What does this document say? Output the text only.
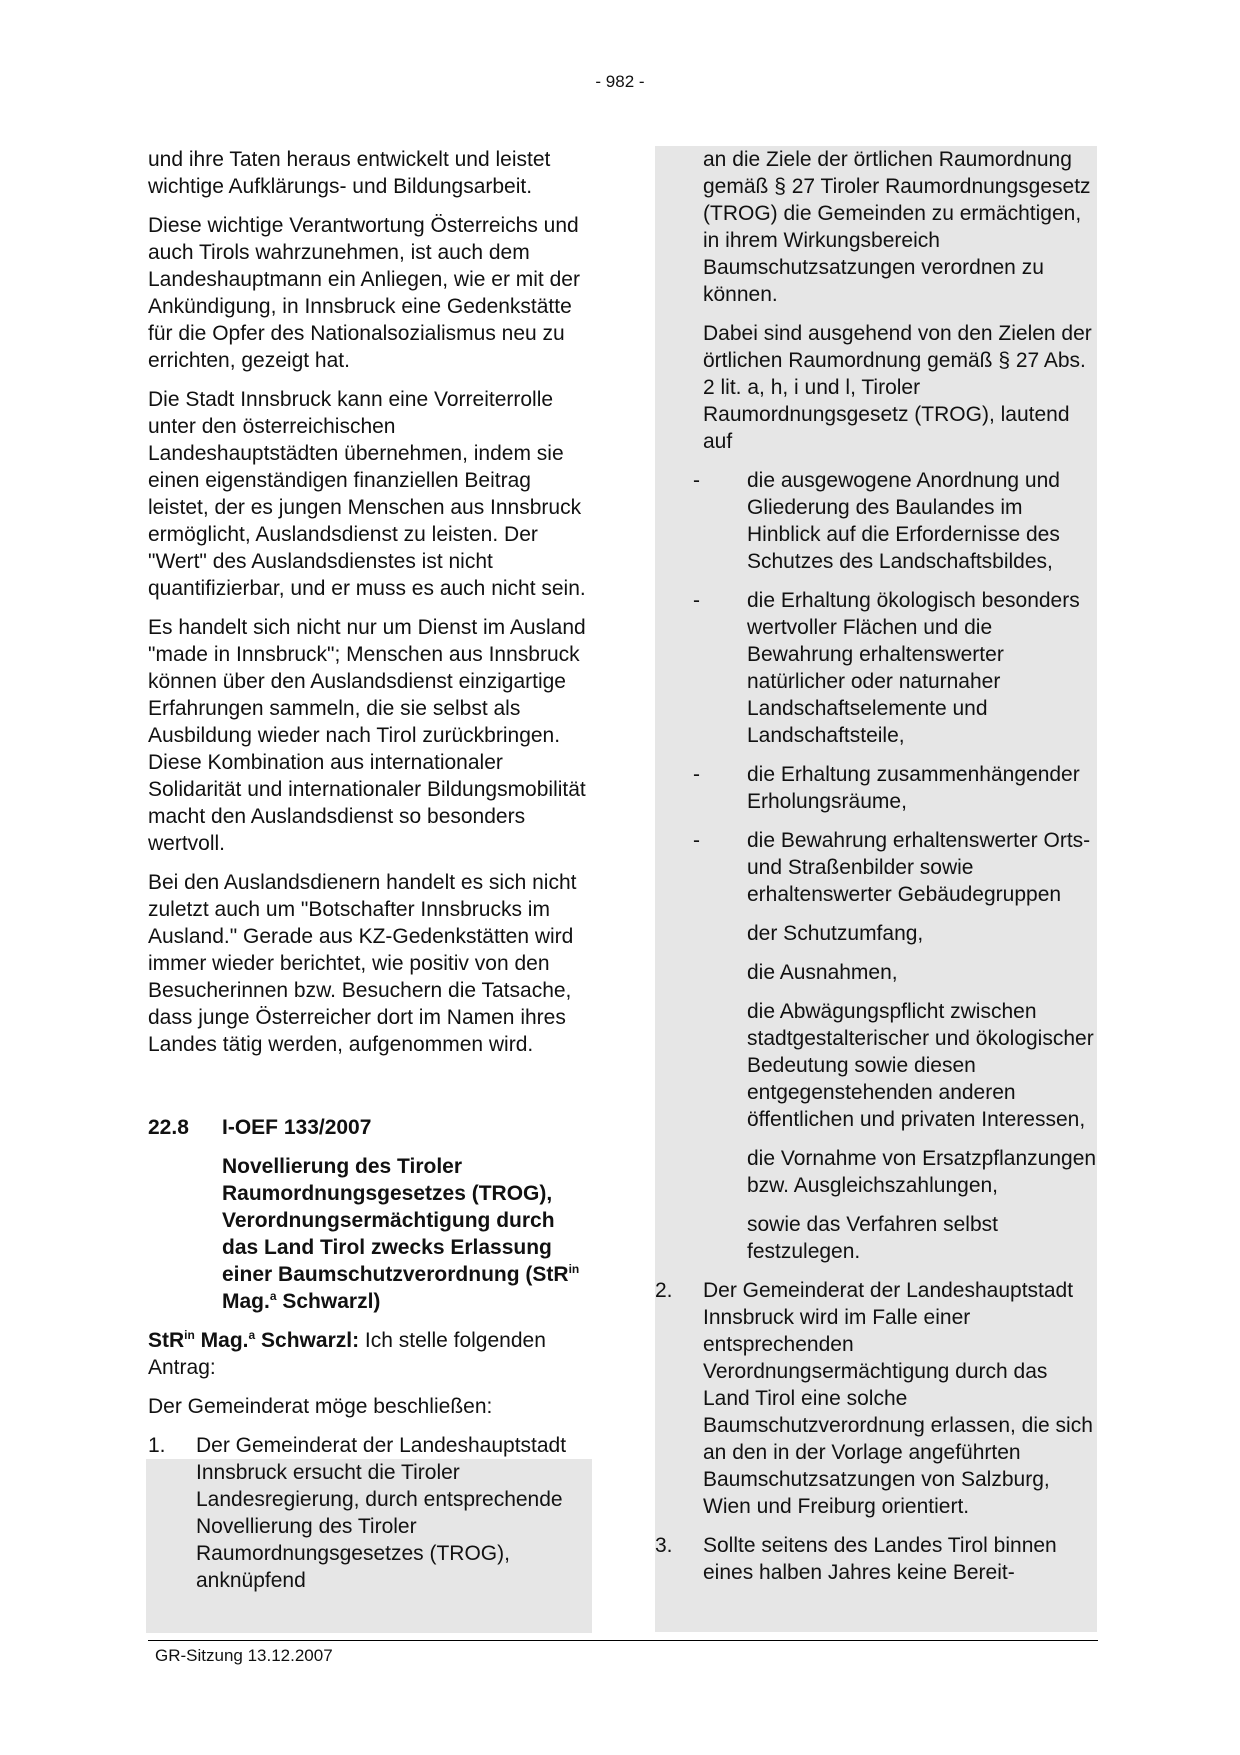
- 982 -

und ihre Taten heraus entwickelt und leistet wichtige Aufklärungs- und Bildungsarbeit.

Diese wichtige Verantwortung Österreichs und auch Tirols wahrzunehmen, ist auch dem Landeshauptmann ein Anliegen, wie er mit der Ankündigung, in Innsbruck eine Gedenkstätte für die Opfer des Nationalsozialismus neu zu errichten, gezeigt hat.

Die Stadt Innsbruck kann eine Vorreiterrolle unter den österreichischen Landeshauptstädten übernehmen, indem sie einen eigenständigen finanziellen Beitrag leistet, der es jungen Menschen aus Innsbruck ermöglicht, Auslandsdienst zu leisten. Der "Wert" des Auslandsdienstes ist nicht quantifizierbar, und er muss es auch nicht sein.

Es handelt sich nicht nur um Dienst im Ausland "made in Innsbruck"; Menschen aus Innsbruck können über den Auslandsdienst einzigartige Erfahrungen sammeln, die sie selbst als Ausbildung wieder nach Tirol zurückbringen. Diese Kombination aus internationaler Solidarität und internationaler Bildungsmobilität macht den Auslandsdienst so besonders wertvoll.

Bei den Auslandsdienern handelt es sich nicht zuletzt auch um "Botschafter Innsbrucks im Ausland." Gerade aus KZ-Gedenkstätten wird immer wieder berichtet, wie positiv von den Besucherinnen bzw. Besuchern die Tatsache, dass junge Österreicher dort im Namen ihres Landes tätig werden, aufgenommen wird.

22.8	I-OEF 133/2007
Novellierung des Tiroler Raumordnungsgesetzes (TROG), Verordnungsermächtigung durch das Land Tirol zwecks Erlassung einer Baumschutzverordnung (StR$^{in}$ Mag.$^a$ Schwarzl)

StR$^{in}$ Mag.$^a$ Schwarzl: Ich stelle folgenden Antrag:

Der Gemeinderat möge beschließen:

1.	Der Gemeinderat der Landeshauptstadt Innsbruck ersucht die Tiroler Landesregierung, durch entsprechende Novellierung des Tiroler Raumordnungsgesetzes (TROG), anknüpfend

an die Ziele der örtlichen Raumordnung gemäß § 27 Tiroler Raumordnungsgesetz (TROG) die Gemeinden zu ermächtigen, in ihrem Wirkungsbereich Baumschutzsatzungen verordnen zu können.

Dabei sind ausgehend von den Zielen der örtlichen Raumordnung gemäß § 27 Abs. 2 lit. a, h, i und l, Tiroler Raumordnungsgesetz (TROG), lautend auf

-	die ausgewogene Anordnung und Gliederung des Baulandes im Hinblick auf die Erfordernisse des Schutzes des Landschaftsbildes,
-	die Erhaltung ökologisch besonders wertvoller Flächen und die Bewahrung erhaltenswerter natürlicher oder naturnaher Landschaftselemente und Landschaftsteile,
-	die Erhaltung zusammenhängender Erholungsräume,
-	die Bewahrung erhaltenswerter Orts- und Straßenbilder sowie erhaltenswerter Gebäudegruppen

der Schutzumfang,

die Ausnahmen,

die Abwägungspflicht zwischen stadtgestalterischer und ökologischer Bedeutung sowie diesen entgegenstehenden anderen öffentlichen und privaten Interessen,

die Vornahme von Ersatzpflanzungen bzw. Ausgleichszahlungen,

sowie das Verfahren selbst festzulegen.

2.	Der Gemeinderat der Landeshauptstadt Innsbruck wird im Falle einer entsprechenden Verordnungsermächtigung durch das Land Tirol eine solche Baumschutzverordnung erlassen, die sich an den in der Vorlage angeführten Baumschutzsatzungen von Salzburg, Wien und Freiburg orientiert.
3.	Sollte seitens des Landes Tirol binnen eines halben Jahres keine Bereit-
GR-Sitzung 13.12.2007
